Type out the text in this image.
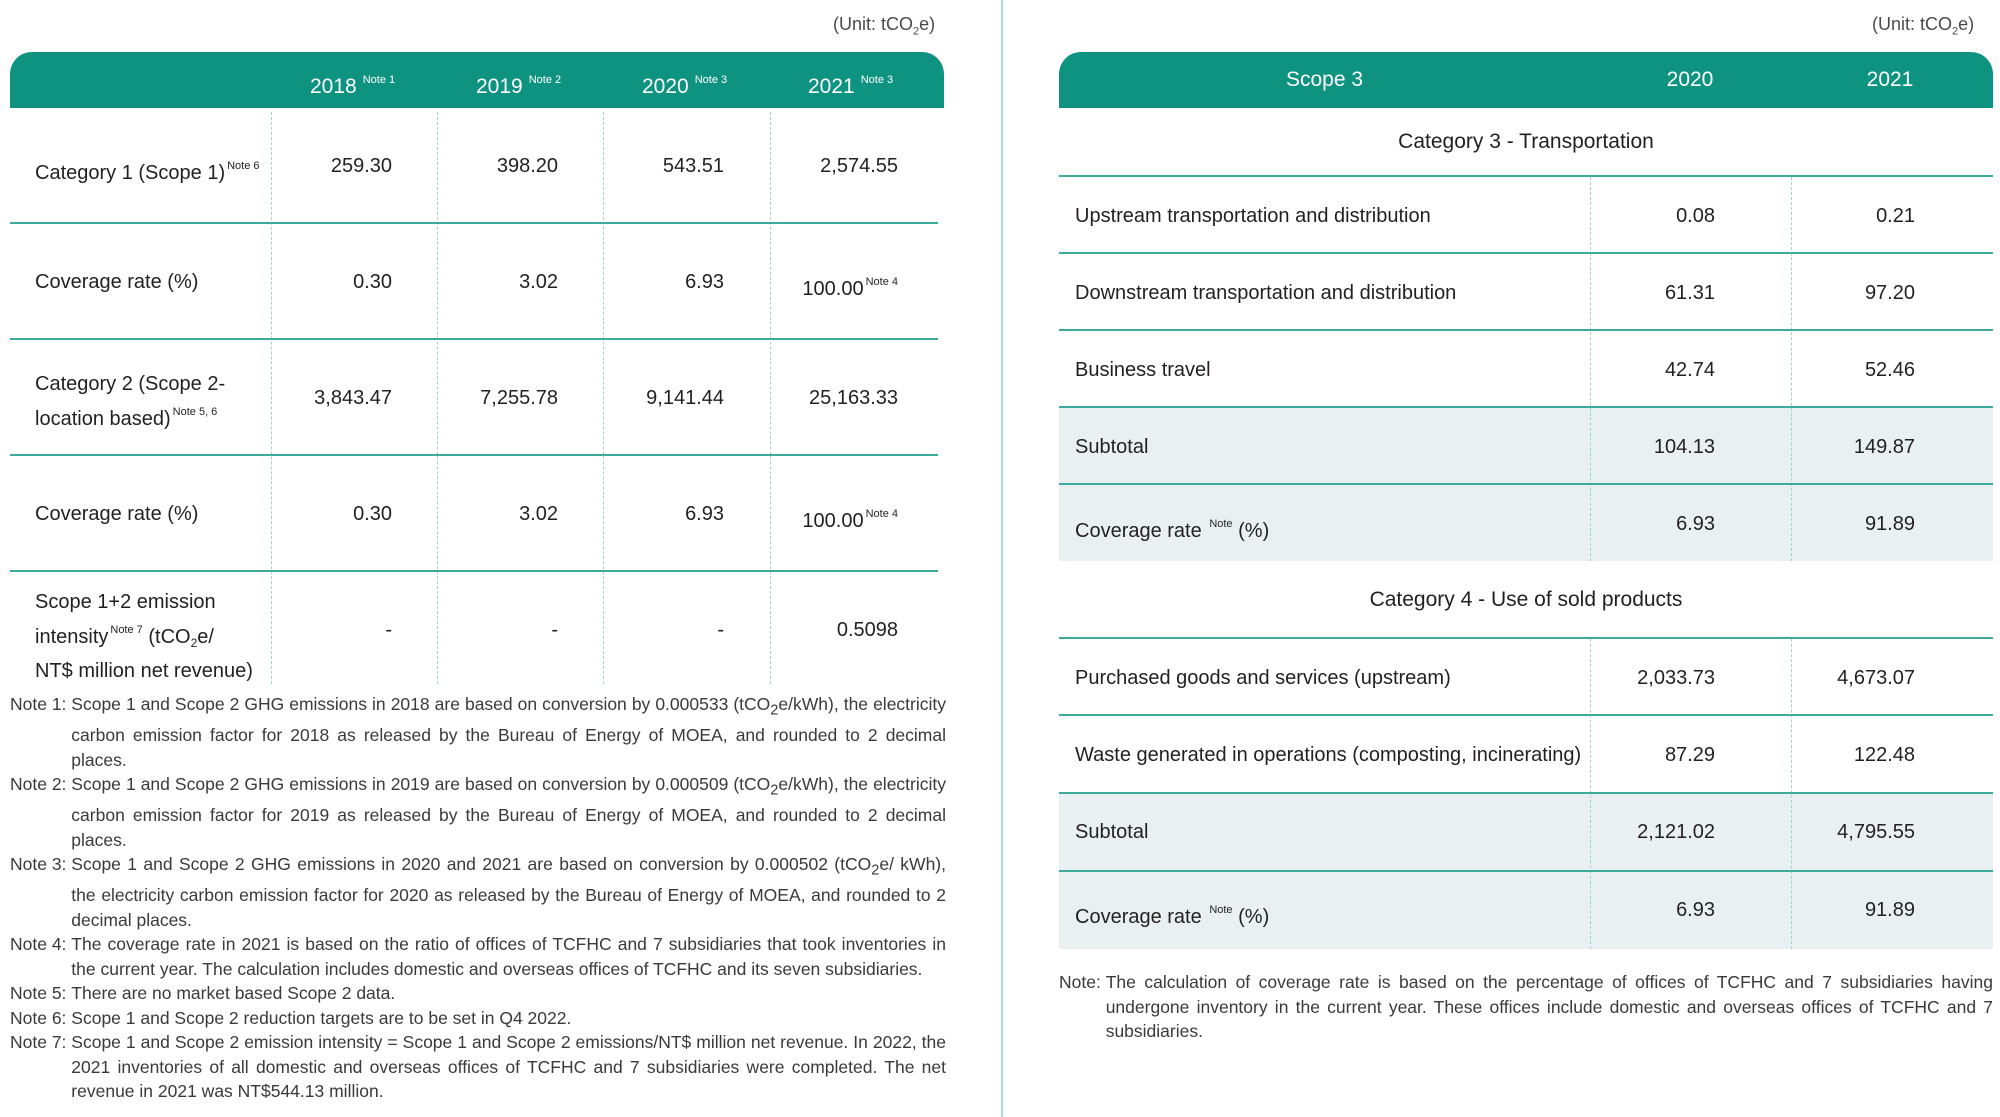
(Unit: tCO$_2$e)	(Unit: tCO$_2$e)
2018 $^{Note 1}$	2019 $^{Note 2}$	2020 $^{Note 3}$	2021 $^{Note 3}$
Category 1 (Scope 1) $^{Note 6}$	259.30	398.20	543.51	2,574.55
Coverage rate (%)	0.30	3.02	6.93	100.00 $^{Note 4}$
Category 2 (Scope 2-
location based) $^{Note 5, 6}$
3,843.47	7,255.78	9,141.44	25,163.33
Coverage rate (%)	0.30	3.02	6.93	100.00 $^{Note 4}$
Scope 1+2 emission
intensity $^{Note 7}$ (tCO$_2$e/
NT$ million net revenue)
-	-	-	0.5098
Note 1: Scope 1 and Scope 2 GHG emissions in 2018 are based on conversion by 0.000533 (tCO$_2$e/kWh), the electricity carbon emission factor for 2018 as released by the Bureau of Energy of MOEA, and rounded to 2 decimal places.
Note 2: Scope 1 and Scope 2 GHG emissions in 2019 are based on conversion by 0.000509 (tCO$_2$e/kWh), the electricity carbon emission factor for 2019 as released by the Bureau of Energy of MOEA, and rounded to 2 decimal places.
Note 3: Scope 1 and Scope 2 GHG emissions in 2020 and 2021 are based on conversion by 0.000502 (tCO$_2$e/ kWh), the electricity carbon emission factor for 2020 as released by the Bureau of Energy of MOEA, and rounded to 2 decimal places.
Note 4: The coverage rate in 2021 is based on the ratio of offices of TCFHC and 7 subsidiaries that took inventories in the current year. The calculation includes domestic and overseas offices of TCFHC and its seven subsidiaries.
Note 5: There are no market based Scope 2 data.
Note 6: Scope 1 and Scope 2 reduction targets are to be set in Q4 2022.
Note 7: Scope 1 and Scope 2 emission intensity = Scope 1 and Scope 2 emissions/NT$ million net revenue. In 2022, the 2021 inventories of all domestic and overseas offices of TCFHC and 7 subsidiaries were completed. The net revenue in 2021 was NT$544.13 million.
Scope 3	2020	2021
Category 3 - Transportation
Upstream transportation and distribution	0.08	0.21
Downstream transportation and distribution	61.31	97.20
Business travel	42.74	52.46
Subtotal	104.13	149.87
Coverage rate $^{Note}$ (%)	6.93	91.89
Category 4 - Use of sold products
Purchased goods and services (upstream)	2,033.73	4,673.07
Waste generated in operations (composting, incinerating)	87.29	122.48
Subtotal	2,121.02	4,795.55
Coverage rate $^{Note}$ (%)	6.93	91.89
Note: The calculation of coverage rate is based on the percentage of offices of TCFHC and 7 subsidiaries having undergone inventory in the current year. These offices include domestic and overseas offices of TCFHC and 7 subsidiaries.
